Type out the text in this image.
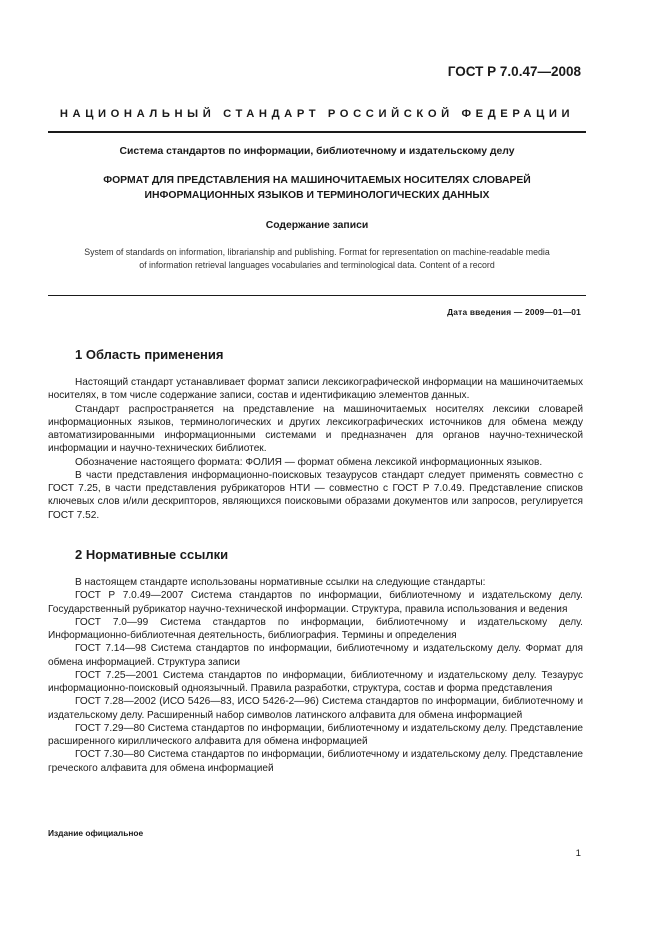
ГОСТ Р 7.0.47—2008
НАЦИОНАЛЬНЫЙ СТАНДАРТ РОССИЙСКОЙ ФЕДЕРАЦИИ
Система стандартов по информации, библиотечному и издательскому делу
ФОРМАТ ДЛЯ ПРЕДСТАВЛЕНИЯ НА МАШИНОЧИТАЕМЫХ НОСИТЕЛЯХ СЛОВАРЕЙ ИНФОРМАЦИОННЫХ ЯЗЫКОВ И ТЕРМИНОЛОГИЧЕСКИХ ДАННЫХ
Содержание записи
System of standards on information, librarianship and publishing. Format for representation on machine-readable media of information retrieval languages vocabularies and terminological data. Content of a record
Дата введения — 2009—01—01
1 Область применения

Настоящий стандарт устанавливает формат записи лексикографической информации на машиночитаемых носителях, в том числе содержание записи, состав и идентификацию элементов данных.

Стандарт распространяется на представление на машиночитаемых носителях лексики словарей информационных языков, терминологических и других лексикографических источников для обмена между автоматизированными информационными системами и предназначен для органов научно-технической информации и научно-технических библиотек.

Обозначение настоящего формата: ФОЛИЯ — формат обмена лексикой информационных языков.

В части представления информационно-поисковых тезаурусов стандарт следует применять совместно с ГОСТ 7.25, в части представления рубрикаторов НТИ — совместно с ГОСТ Р 7.0.49. Представление списков ключевых слов и/или дескрипторов, являющихся поисковыми образами документов или запросов, регулируется ГОСТ 7.52.

2 Нормативные ссылки

В настоящем стандарте использованы нормативные ссылки на следующие стандарты:

ГОСТ Р 7.0.49—2007 Система стандартов по информации, библиотечному и издательскому делу. Государственный рубрикатор научно-технической информации. Структура, правила использования и ведения

ГОСТ 7.0—99 Система стандартов по информации, библиотечному и издательскому делу. Информационно-библиотечная деятельность, библиография. Термины и определения

ГОСТ 7.14—98 Система стандартов по информации, библиотечному и издательскому делу. Формат для обмена информацией. Структура записи

ГОСТ 7.25—2001 Система стандартов по информации, библиотечному и издательскому делу. Тезаурус информационно-поисковый одноязычный. Правила разработки, структура, состав и форма представления

ГОСТ 7.28—2002 (ИСО 5426—83, ИСО 5426-2—96) Система стандартов по информации, библиотечному и издательскому делу. Расширенный набор символов латинского алфавита для обмена информацией

ГОСТ 7.29—80 Система стандартов по информации, библиотечному и издательскому делу. Представление расширенного кириллического алфавита для обмена информацией

ГОСТ 7.30—80 Система стандартов по информации, библиотечному и издательскому делу. Представление греческого алфавита для обмена информацией

Издание официальное
1
